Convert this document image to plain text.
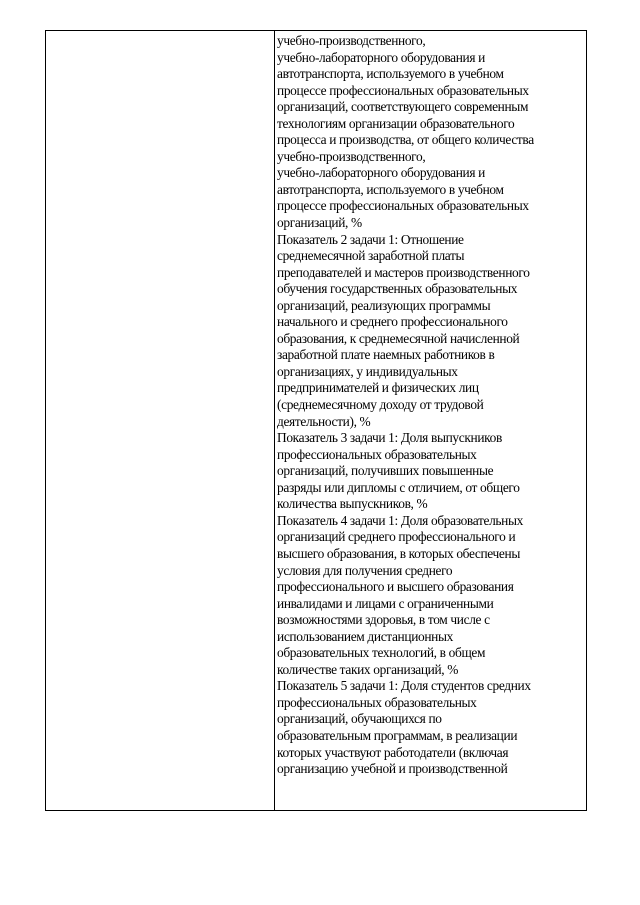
учебно-производственного,
учебно-лабораторного оборудования и
автотранспорта, используемого в учебном
процессе профессиональных образовательных
организаций, соответствующего современным
технологиям организации образовательного
процесса и производства, от общего количества
учебно-производственного,
учебно-лабораторного оборудования и
автотранспорта, используемого в учебном
процессе профессиональных образовательных
организаций, %
Показатель 2 задачи 1: Отношение
среднемесячной заработной платы
преподавателей и мастеров производственного
обучения государственных образовательных
организаций, реализующих программы
начального и среднего профессионального
образования, к среднемесячной начисленной
заработной плате наемных работников в
организациях, у индивидуальных
предпринимателей и физических лиц
(среднемесячному доходу от трудовой
деятельности), %
Показатель 3 задачи 1: Доля выпускников
профессиональных образовательных
организаций, получивших повышенные
разряды или дипломы с отличием, от общего
количества выпускников, %
Показатель 4 задачи 1: Доля образовательных
организаций среднего профессионального и
высшего образования, в которых обеспечены
условия для получения среднего
профессионального и высшего образования
инвалидами и лицами с ограниченными
возможностями здоровья, в том числе с
использованием дистанционных
образовательных технологий, в общем
количестве таких организаций, %
Показатель 5 задачи 1: Доля студентов средних
профессиональных образовательных
организаций, обучающихся по
образовательным программам, в реализации
которых участвуют работодатели (включая
организацию учебной и производственной
